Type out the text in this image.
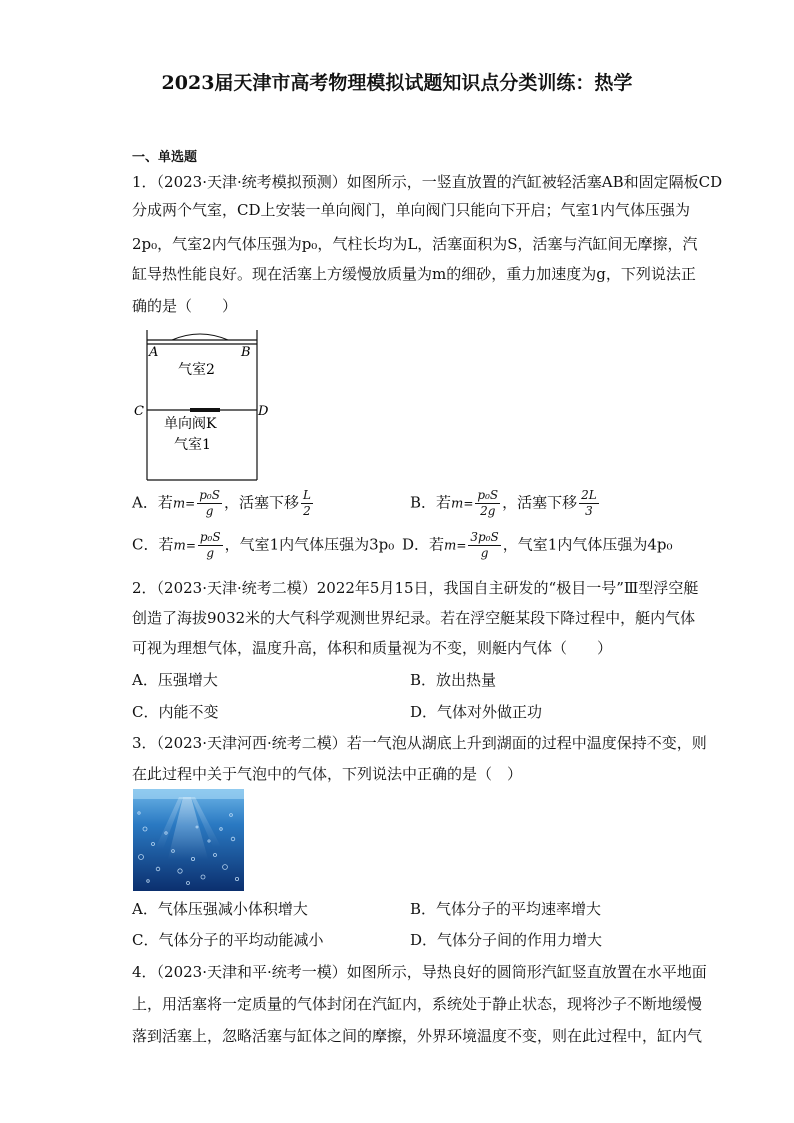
2023届天津市高考物理模拟试题知识点分类训练：热学
一、单选题
1．（2023·天津·统考模拟预测）如图所示，一竖直放置的汽缸被轻活塞AB和固定隔板CD
分成两个气室，CD上安装一单向阀门，单向阀门只能向下开启；气室1内气体压强为
2p₀，气室2内气体压强为p₀，气柱长均为L，活塞面积为S，活塞与汽缸间无摩擦，汽
缸导热性能良好。现在活塞上方缓慢放质量为m的细砂，重力加速度为g，下列说法正
确的是（　　）
A	B
C	D
气室2
单向阀K
气室1
A．若$m= \frac{\text{p₀S}}{g}$ ，活塞下移 $\frac{L}{2}$	B．若$m= \frac{\text{p₀S}}{2g}$ ，活塞下移 $\frac{2L}{3}$
C．若$m= \frac{\text{p₀S}}{g}$ ，气室1内气体压强为3p₀ D．若$m= \frac{\text{3p₀S}}{g}$ ，气室1内气体压强为4p₀
2．（2023·天津·统考二模）2022年5月15日，我国自主研发的“极目一号”Ⅲ型浮空艇
创造了海拔9032米的大气科学观测世界纪录。若在浮空艇某段下降过程中，艇内气体
可视为理想气体，温度升高，体积和质量视为不变，则艇内气体（　　）
A．压强增大	B．放出热量
C．内能不变	D．气体对外做正功
3．（2023·天津河西·统考二模）若一气泡从湖底上升到湖面的过程中温度保持不变，则
在此过程中关于气泡中的气体，下列说法中正确的是（　）
A．气体压强减小体积增大	B．气体分子的平均速率增大
C．气体分子的平均动能减小	D．气体分子间的作用力增大
4．（2023·天津和平·统考一模）如图所示，导热良好的圆筒形汽缸竖直放置在水平地面
上，用活塞将一定质量的气体封闭在汽缸内，系统处于静止状态，现将沙子不断地缓慢
落到活塞上，忽略活塞与缸体之间的摩擦，外界环境温度不变，则在此过程中，缸内气
